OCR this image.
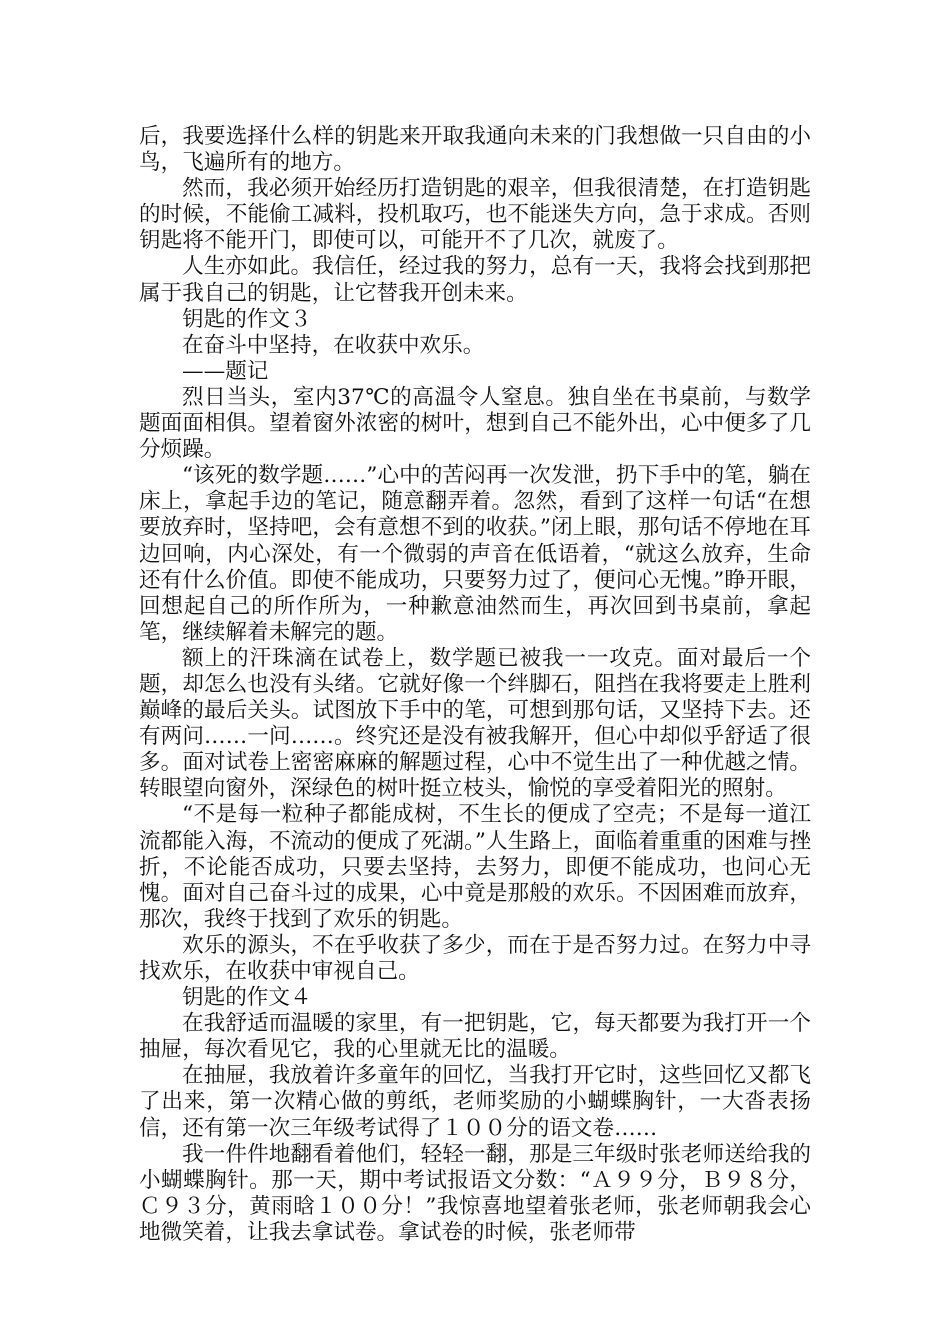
后，我要选择什么样的钥匙来开取我通向未来的门我想做一只自由的小鸟，飞遍所有的地方。

然而，我必须开始经历打造钥匙的艰辛，但我很清楚，在打造钥匙的时候，不能偷工减料，投机取巧，也不能迷失方向，急于求成。否则钥匙将不能开门，即使可以，可能开不了几次，就废了。

人生亦如此。我信任，经过我的努力，总有一天，我将会找到那把属于我自己的钥匙，让它替我开创未来。

钥匙的作文３

在奋斗中坚持，在收获中欢乐。

——题记

烈日当头，室内37℃的高温令人窒息。独自坐在书桌前，与数学题面面相俱。望着窗外浓密的树叶，想到自己不能外出，心中便多了几分烦躁。

“该死的数学题……”心中的苦闷再一次发泄，扔下手中的笔，躺在床上，拿起手边的笔记，随意翻弄着。忽然，看到了这样一句话“在想要放弃时，坚持吧，会有意想不到的收获。”闭上眼，那句话不停地在耳边回响，内心深处，有一个微弱的声音在低语着，“就这么放弃，生命还有什么价值。即使不能成功，只要努力过了，便问心无愧。”睁开眼，回想起自己的所作所为，一种歉意油然而生，再次回到书桌前，拿起笔，继续解着未解完的题。

额上的汗珠滴在试卷上，数学题已被我一一攻克。面对最后一个题，却怎么也没有头绪。它就好像一个绊脚石，阻挡在我将要走上胜利巅峰的最后关头。试图放下手中的笔，可想到那句话，又坚持下去。还有两问……一问……。终究还是没有被我解开，但心中却似乎舒适了很多。面对试卷上密密麻麻的解题过程，心中不觉生出了一种优越之情。转眼望向窗外，深绿色的树叶挺立枝头，愉悦的享受着阳光的照射。

“不是每一粒种子都能成树，不生长的便成了空壳；不是每一道江流都能入海，不流动的便成了死湖。”人生路上，面临着重重的困难与挫折，不论能否成功，只要去坚持，去努力，即便不能成功，也问心无愧。面对自己奋斗过的成果，心中竟是那般的欢乐。不因困难而放弃，那次，我终于找到了欢乐的钥匙。

欢乐的源头，不在乎收获了多少，而在于是否努力过。在努力中寻找欢乐，在收获中审视自己。

钥匙的作文４

在我舒适而温暖的家里，有一把钥匙，它，每天都要为我打开一个抽屉，每次看见它，我的心里就无比的温暖。

在抽屉，我放着许多童年的回忆，当我打开它时，这些回忆又都飞了出来，第一次精心做的剪纸，老师奖励的小蝴蝶胸针，一大沓表扬信，还有第一次三年级考试得了１００分的语文卷……

我一件件地翻看着他们，轻轻一翻，那是三年级时张老师送给我的小蝴蝶胸针。那一天，期中考试报语文分数：“Ａ９９分，Ｂ９８分，Ｃ９３分，黄雨晗１００分！”我惊喜地望着张老师，张老师朝我会心地微笑着，让我去拿试卷。拿试卷的时候，张老师带
